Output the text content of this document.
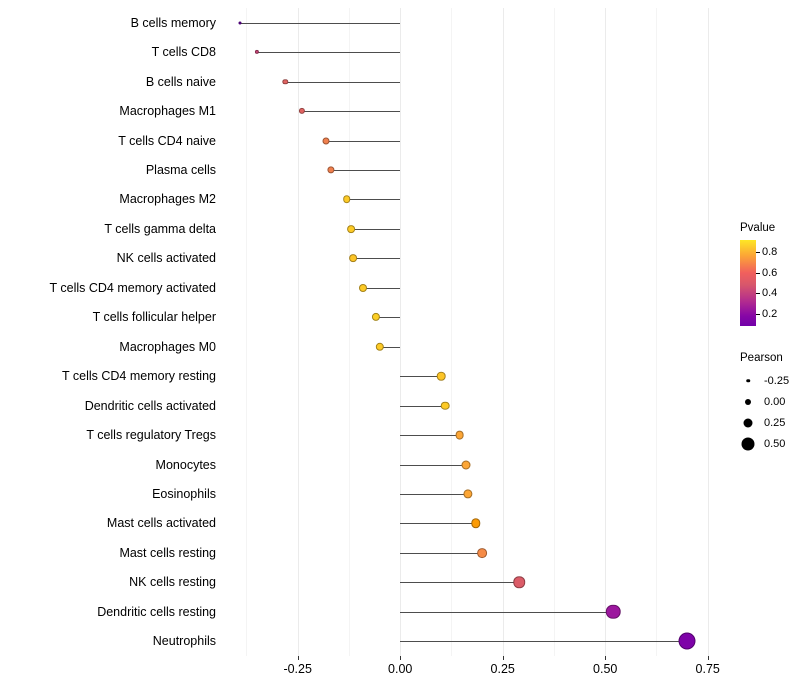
B cells memory
T cells CD8
B cells naive
Macrophages M1
T cells CD4 naive
Plasma cells
Macrophages M2
T cells gamma delta
NK cells activated
T cells CD4 memory activated
T cells follicular helper
Macrophages M0
T cells CD4 memory resting
Dendritic cells activated
T cells regulatory Tregs
Monocytes
Eosinophils
Mast cells activated
Mast cells resting
NK cells resting
Dendritic cells resting
Neutrophils
-0.25	0.00	0.25	0.50	0.75
Pvalue
0.8
0.6
0.4
0.2
Pearson
-0.25
0.00
0.25
0.50
